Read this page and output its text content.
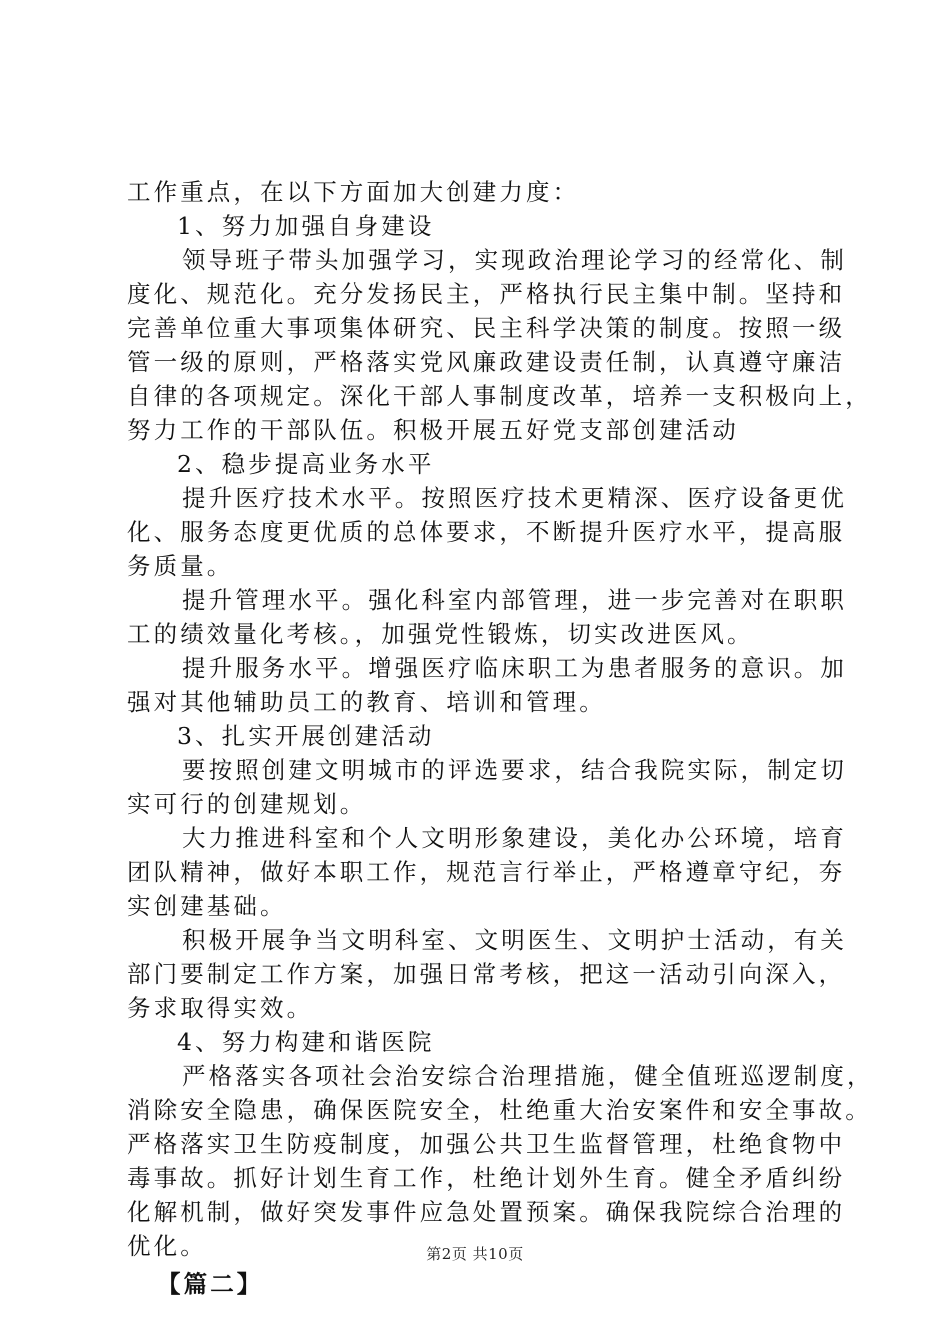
工作重点，在以下方面加大创建力度：
1、努力加强自身建设
领导班子带头加强学习，实现政治理论学习的经常化、制
度化、规范化。充分发扬民主，严格执行民主集中制。坚持和
完善单位重大事项集体研究、民主科学决策的制度。按照一级
管一级的原则，严格落实党风廉政建设责任制，认真遵守廉洁
自律的各项规定。深化干部人事制度改革，培养一支积极向上，
努力工作的干部队伍。积极开展五好党支部创建活动
2、稳步提高业务水平
提升医疗技术水平。按照医疗技术更精深、医疗设备更优
化、服务态度更优质的总体要求，不断提升医疗水平，提高服
务质量。
提升管理水平。强化科室内部管理，进一步完善对在职职
工的绩效量化考核。，加强党性锻炼，切实改进医风。
提升服务水平。增强医疗临床职工为患者服务的意识。加
强对其他辅助员工的教育、培训和管理。
3、扎实开展创建活动
要按照创建文明城市的评选要求，结合我院实际，制定切
实可行的创建规划。
大力推进科室和个人文明形象建设，美化办公环境，培育
团队精神，做好本职工作，规范言行举止，严格遵章守纪，夯
实创建基础。
积极开展争当文明科室、文明医生、文明护士活动，有关
部门要制定工作方案，加强日常考核，把这一活动引向深入，
务求取得实效。
4、努力构建和谐医院
严格落实各项社会治安综合治理措施，健全值班巡逻制度，
消除安全隐患，确保医院安全，杜绝重大治安案件和安全事故。
严格落实卫生防疫制度，加强公共卫生监督管理，杜绝食物中
毒事故。抓好计划生育工作，杜绝计划外生育。健全矛盾纠纷
化解机制，做好突发事件应急处置预案。确保我院综合治理的
优化。
【篇二】
第2页 共10页
